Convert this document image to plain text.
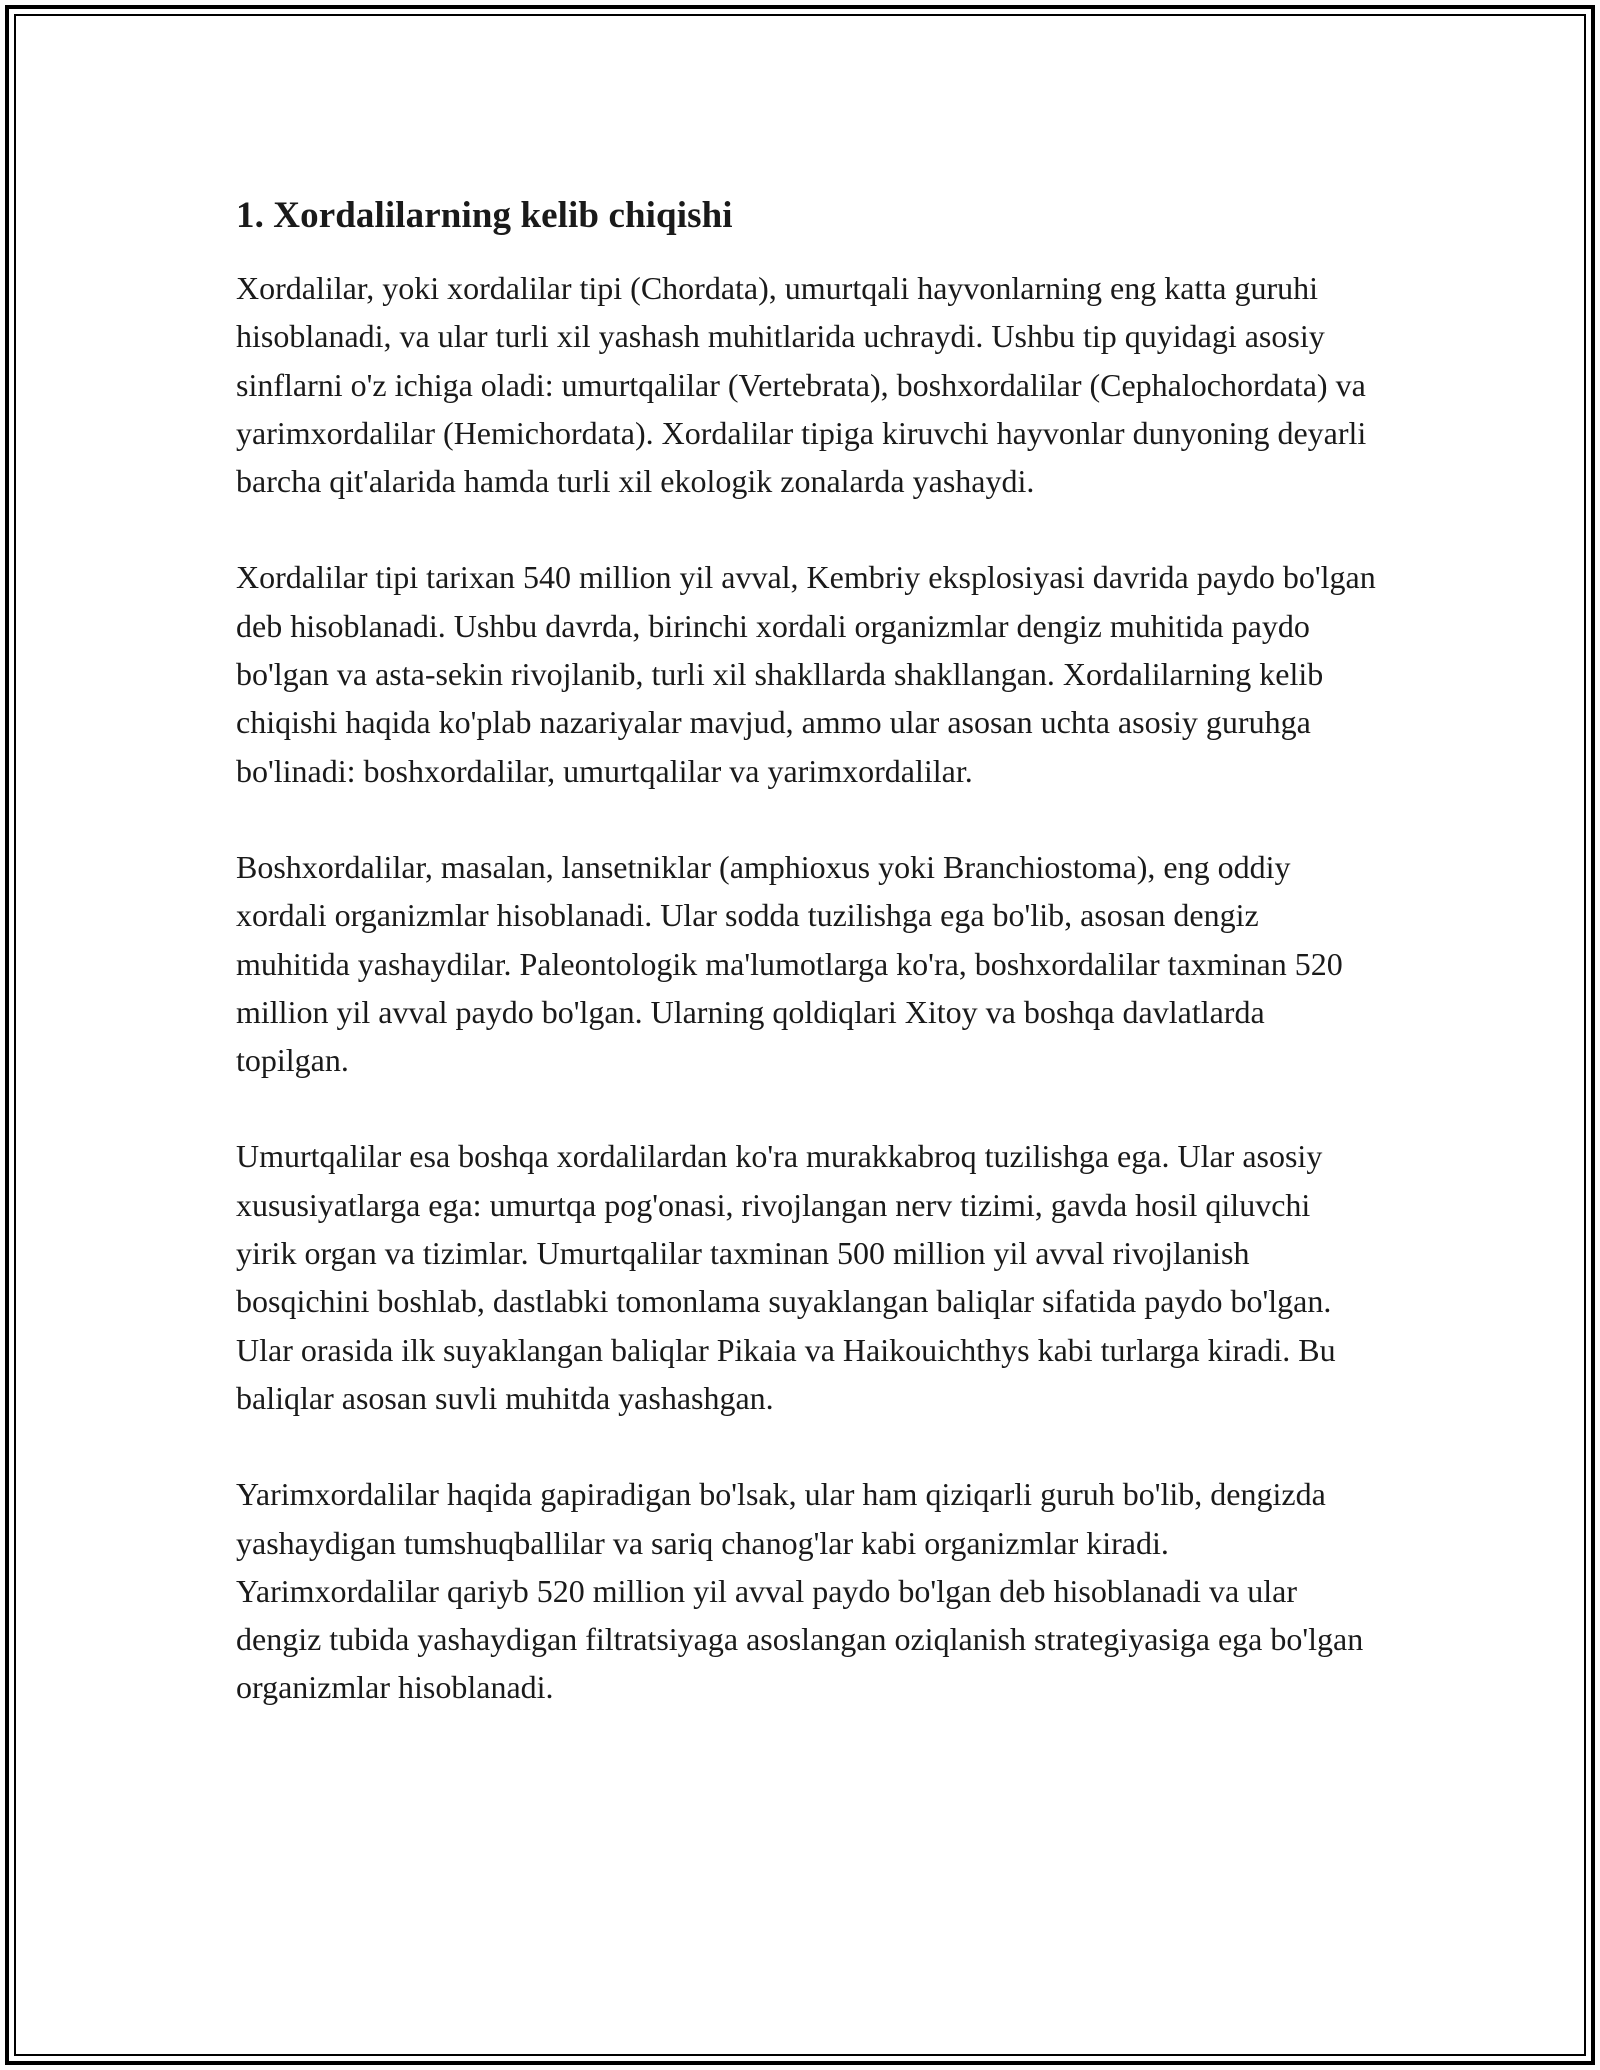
1. Xordalilarning kelib chiqishi

Xordalilar, yoki xordalilar tipi (Chordata), umurtqali hayvonlarning eng katta guruhi hisoblanadi, va ular turli xil yashash muhitlarida uchraydi. Ushbu tip quyidagi asosiy sinflarni o'z ichiga oladi: umurtqalilar (Vertebrata), boshxordalilar (Cephalochordata) va yarimxordalilar (Hemichordata). Xordalilar tipiga kiruvchi hayvonlar dunyoning deyarli barcha qit'alarida hamda turli xil ekologik zonalarda yashaydi.

Xordalilar tipi tarixan 540 million yil avval, Kembriy eksplosiyasi davrida paydo bo'lgan deb hisoblanadi. Ushbu davrda, birinchi xordali organizmlar dengiz muhitida paydo bo'lgan va asta-sekin rivojlanib, turli xil shakllarda shakllangan. Xordalilarning kelib chiqishi haqida ko'plab nazariyalar mavjud, ammo ular asosan uchta asosiy guruhga bo'linadi: boshxordalilar, umurtqalilar va yarimxordalilar.

Boshxordalilar, masalan, lansetniklar (amphioxus yoki Branchiostoma), eng oddiy xordali organizmlar hisoblanadi. Ular sodda tuzilishga ega bo'lib, asosan dengiz muhitida yashaydilar. Paleontologik ma'lumotlarga ko'ra, boshxordalilar taxminan 520 million yil avval paydo bo'lgan. Ularning qoldiqlari Xitoy va boshqa davlatlarda topilgan.

Umurtqalilar esa boshqa xordalilardan ko'ra murakkabroq tuzilishga ega. Ular asosiy xususiyatlarga ega: umurtqa pog'onasi, rivojlangan nerv tizimi, gavda hosil qiluvchi yirik organ va tizimlar. Umurtqalilar taxminan 500 million yil avval rivojlanish bosqichini boshlab, dastlabki tomonlama suyaklangan baliqlar sifatida paydo bo'lgan. Ular orasida ilk suyaklangan baliqlar Pikaia va Haikouichthys kabi turlarga kiradi. Bu baliqlar asosan suvli muhitda yashashgan.

Yarimxordalilar haqida gapiradigan bo'lsak, ular ham qiziqarli guruh bo'lib, dengizda yashaydigan tumshuqballilar va sariq chanog'lar kabi organizmlar kiradi. Yarimxordalilar qariyb 520 million yil avval paydo bo'lgan deb hisoblanadi va ular dengiz tubida yashaydigan filtratsiyaga asoslangan oziqlanish strategiyasiga ega bo'lgan organizmlar hisoblanadi.
